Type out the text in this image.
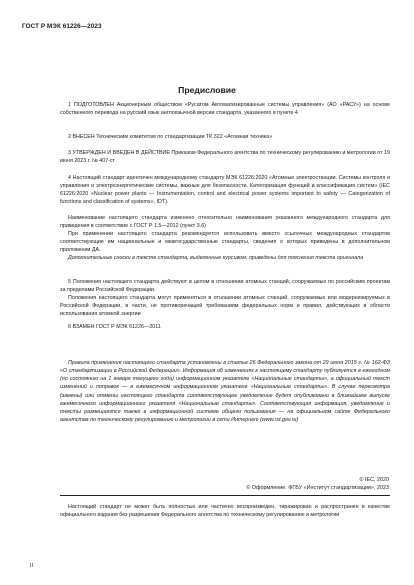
ГОСТ Р МЭК 61226—2023
Предисловие

1 ПОДГОТОВЛЕН Акционерным обществом «Русатом Автоматизированные системы управления» (АО «РАСУ») на основе собственного перевода на русский язык англоязычной версии стандарта, указанного в пункте 4

2 ВНЕСЕН Техническим комитетом по стандартизации ТК 322 «Атомная техника»

3 УТВЕРЖДЕН И ВВЕДЕН В ДЕЙСТВИЕ Приказом Федерального агентства по техническому регулированию и метрологии от 19 июня 2023 г. № 407-ст

4 Настоящий стандарт идентичен международному стандарту МЭК 61226:2020 «Атомные электростанции. Системы контроля и управления и электроэнергетические системы, важные для безопасности. Категоризация функций и классификация систем» (IEC 61226:2020 «Nuclear power plants — Instrumentation, control and electrical power systems important to safety — Categorization of functions and classification of systems», IDT).

Наименование настоящего стандарта изменено относительно наименования указанного международного стандарта для приведения в соответствие с ГОСТ Р 1.5—2012 (пункт 3.6)

При применении настоящего стандарта рекомендуется использовать вместо ссылочных международных стандартов соответствующие им национальные и межгосударственные стандарты, сведения о которых приведены в дополнительном приложении ДА.

Дополнительные сноски в тексте стандарта, выделенные курсивом, приведены для пояснения текста оригинала

5 Положения настоящего стандарта действуют в целом в отношении атомных станций, сооружаемых по российским проектам за пределами Российской Федерации.

Положения настоящего стандарта могут применяться в отношении атомных станций, сооружаемых или модернизируемых в Российской Федерации, в части, не противоречащей требованиям федеральных норм и правил, действующих в области использования атомной энергии

6 ВЗАМЕН ГОСТ Р МЭК 61226—2011

Правила применения настоящего стандарта установлены в статье 26 Федерального закона от 29 июня 2015 г. № 162-ФЗ «О стандартизации в Российской Федерации». Информация об изменениях к настоящему стандарту публикуется в ежегодном (по состоянию на 1 января текущего года) информационном указателе «Национальные стандарты», а официальный текст изменений и поправок — в ежемесячном информационном указателе «Национальные стандарты». В случае пересмотра (замены) или отмены настоящего стандарта соответствующее уведомление будет опубликовано в ближайшем выпуске ежемесячного информационного указателя «Национальные стандарты». Соответствующая информация, уведомление и тексты размещаются также в информационной системе общего пользования — на официальном сайте Федерального агентства по техническому регулированию и метрологии в сети Интернет (www.rst.gov.ru)

© IEC, 2020
© Оформление. ФГБУ «Институт стандартизации», 2023

Настоящий стандарт не может быть полностью или частично воспроизведен, тиражирован и распространен в качестве официального издания без разрешения Федерального агентства по техническому регулированию и метрологии

II
